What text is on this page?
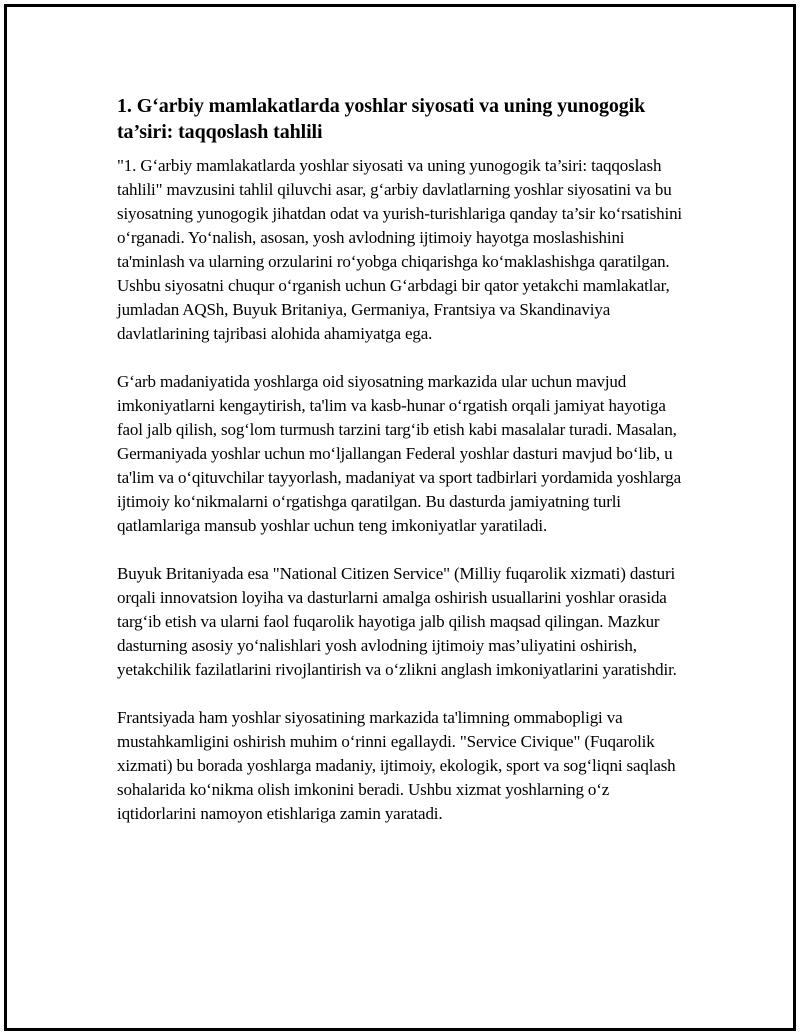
1. G‘arbiy mamlakatlarda yoshlar siyosati va uning yunogogik ta’siri: taqqoslash tahlili

"1. G‘arbiy mamlakatlarda yoshlar siyosati va uning yunogogik ta’siri: taqqoslash tahlili" mavzusini tahlil qiluvchi asar, g‘arbiy davlatlarning yoshlar siyosatini va bu siyosatning yunogogik jihatdan odat va yurish-turishlariga qanday ta’sir ko‘rsatishini o‘rganadi. Yo‘nalish, asosan, yosh avlodning ijtimoiy hayotga moslashishini ta'minlash va ularning orzularini ro‘yobga chiqarishga ko‘maklashishga qaratilgan. Ushbu siyosatni chuqur o‘rganish uchun G‘arbdagi bir qator yetakchi mamlakatlar, jumladan AQSh, Buyuk Britaniya, Germaniya, Frantsiya va Skandinaviya davlatlarining tajribasi alohida ahamiyatga ega.

G‘arb madaniyatida yoshlarga oid siyosatning markazida ular uchun mavjud imkoniyatlarni kengaytirish, ta'lim va kasb-hunar o‘rgatish orqali jamiyat hayotiga faol jalb qilish, sog‘lom turmush tarzini targ‘ib etish kabi masalalar turadi. Masalan, Germaniyada yoshlar uchun mo‘ljallangan Federal yoshlar dasturi mavjud bo‘lib, u ta'lim va o‘qituvchilar tayyorlash, madaniyat va sport tadbirlari yordamida yoshlarga ijtimoiy ko‘nikmalarni o‘rgatishga qaratilgan. Bu dasturda jamiyatning turli qatlamlariga mansub yoshlar uchun teng imkoniyatlar yaratiladi.

Buyuk Britaniyada esa "National Citizen Service" (Milliy fuqarolik xizmati) dasturi orqali innovatsion loyiha va dasturlarni amalga oshirish usuallarini yoshlar orasida targ‘ib etish va ularni faol fuqarolik hayotiga jalb qilish maqsad qilingan. Mazkur dasturning asosiy yo‘nalishlari yosh avlodning ijtimoiy mas’uliyatini oshirish, yetakchilik fazilatlarini rivojlantirish va o‘zlikni anglash imkoniyatlarini yaratishdir.

Frantsiyada ham yoshlar siyosatining markazida ta'limning ommabopligi va mustahkamligini oshirish muhim o‘rinni egallaydi. "Service Civique" (Fuqarolik xizmati) bu borada yoshlarga madaniy, ijtimoiy, ekologik, sport va sog‘liqni saqlash sohalarida ko‘nikma olish imkonini beradi. Ushbu xizmat yoshlarning o‘z iqtidorlarini namoyon etishlariga zamin yaratadi.
